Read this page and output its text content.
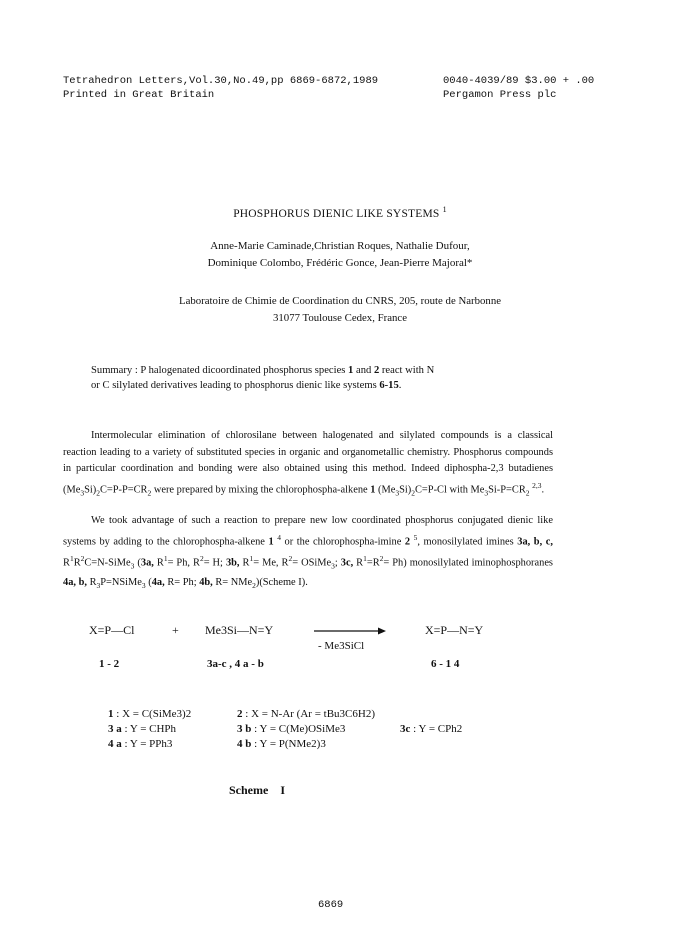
Tetrahedron Letters,Vol.30,No.49,pp 6869-6872,1989
Printed in Great Britain
0040-4039/89 $3.00 + .00
Pergamon Press plc
PHOSPHORUS DIENIC LIKE SYSTEMS $^1$
Anne-Marie Caminade,Christian Roques, Nathalie Dufour,
Dominique Colombo, Frédéric Gonce, Jean-Pierre Majoral*
Laboratoire de Chimie de Coordination du CNRS, 205, route de Narbonne
31077 Toulouse Cedex, France
Summary : P halogenated dicoordinated phosphorus species 1 and 2 react with N
or C silylated derivatives leading to phosphorus dienic like systems 6-15.

Intermolecular elimination of chlorosilane between halogenated and silylated compounds is a classical reaction leading to a variety of substituted species in organic and organometallic chemistry. Phosphorus compounds in particular coordination and bonding were also obtained using this method. Indeed diphospha-2,3 butadienes $(Me_3Si)_2C=P-P=CR_2$ were prepared by mixing the chlorophospha-alkene 1 $(Me_3Si)_2C=P-Cl$ with $Me_3Si-P=CR_2$ $^{2,3}$.

We took advantage of such a reaction to prepare new low coordinated phosphorus conjugated dienic like systems by adding to the chlorophospha-alkene 1 $^4$ or the chlorophospha-imine 2 $^5$, monosilylated imines 3a, b, c, $R^1R^2C=N-SiMe_3$ (3a, $R^1= Ph$, $R^2= H$; 3b, $R^1= Me$, $R^2=$ OSiMe$_3$; 3c, $R^1=R^2= Ph$) monosilylated iminophosphoranes 4a, b, $R_3P=NSiMe_3$ (4a, R= Ph; 4b, R= NMe$_2$)(Scheme I).

X=P—Cl	+ Me3Si—N=Y
- Me3SiCl
X=P—N=Y
1 - 2	3a-c , 4 a - b	6 - 1 4
1 : X = C(SiMe3)2	2 : X = N-Ar (Ar = tBu3C6H2)
3 a : Y = CHPh	3 b : Y = C(Me)OSiMe3	3c : Y = CPh2
4 a : Y = PPh3	4 b : Y = P(NMe2)3
Scheme    I
6869
